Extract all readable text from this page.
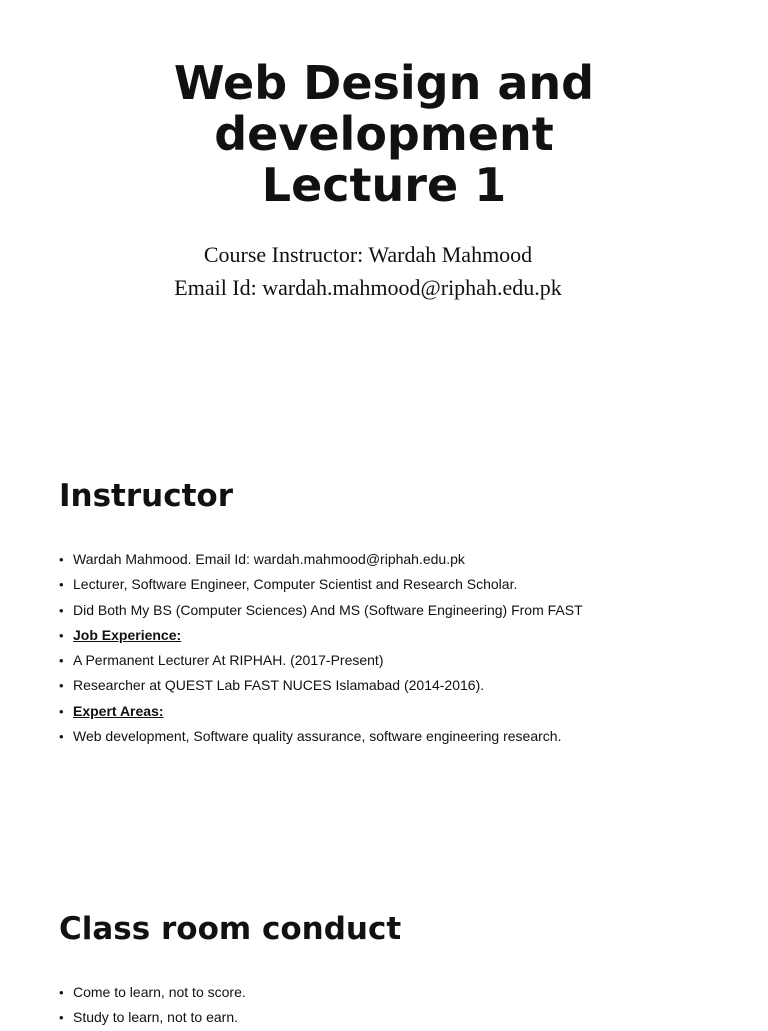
Web Design and
development
Lecture 1
Course Instructor: Wardah Mahmood
Email Id: wardah.mahmood@riphah.edu.pk
Instructor
• Wardah Mahmood. Email Id: wardah.mahmood@riphah.edu.pk
• Lecturer, Software Engineer, Computer Scientist and Research Scholar.
• Did Both My BS (Computer Sciences) And MS (Software Engineering) From FAST
• Job Experience:
• A Permanent Lecturer At RIPHAH. (2017-Present)
• Researcher at QUEST Lab FAST NUCES Islamabad (2014-2016).
• Expert Areas:
• Web development, Software quality assurance, software engineering research.
Class room conduct
• Come to learn, not to score.
• Study to learn, not to earn.
